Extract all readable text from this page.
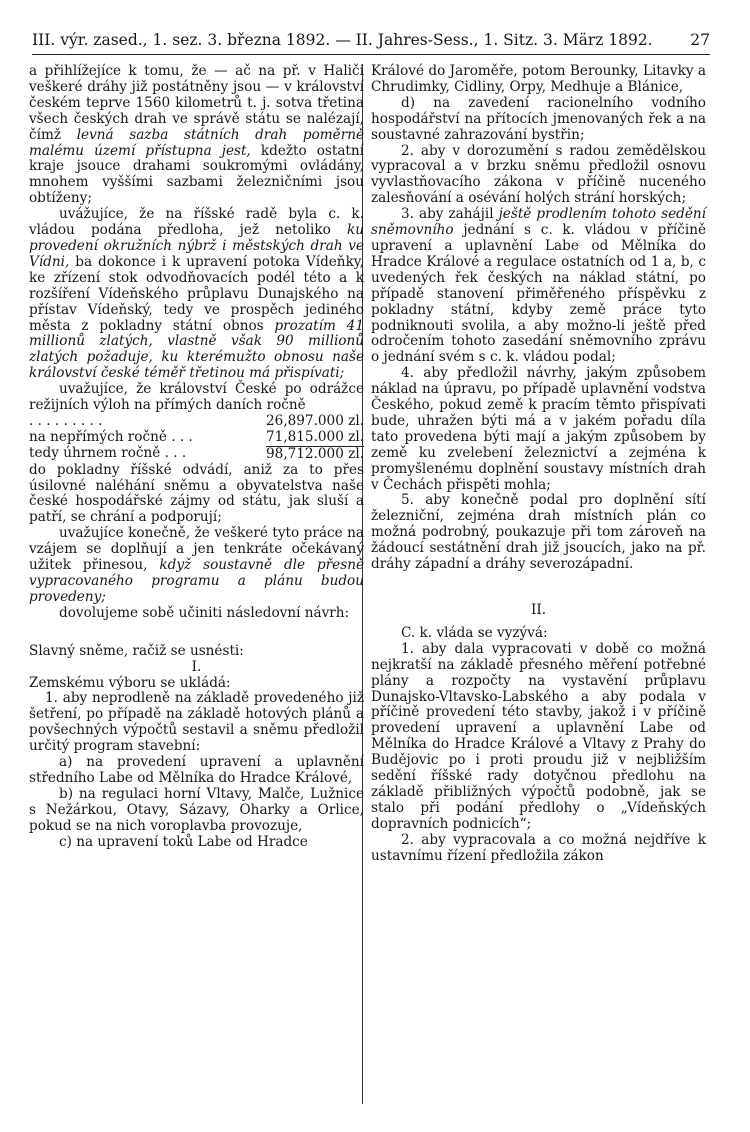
III. výr. zased., 1. sez. 3. března 1892. — II. Jahres-Sess., 1. Sitz. 3. März 1892. 27

a přihlížejíce k tomu, že — ač na př. v Haliči veškeré dráhy již postátněny jsou — v království českém teprve 1560 kilometrů t. j. sotva třetina všech českých drah ve správě státu se nalézají, čímž levná sazba státních drah poměrně malému území přístupna jest, kdežto ostatní kraje jsouce drahami soukromými ovládány, mnohem vyššími sazbami železničními jsou obtíženy;

uvážujíce, že na říšské radě byla c. k. vládou podána předloha, jež netoliko ku provedení okružních nýbrž i městských drah ve Vídni, ba dokonce i k upravení potoka Vídeňky, ke zřízení stok odvodňovacích podél této a k rozšíření Vídeňského průplavu Dunajského na přístav Vídeňský, tedy ve prospěch jediného města z pokladny státní obnos prozatím 41 millionů zlatých, vlastně však 90 millionů zlatých požaduje, ku kterémužto obnosu naše království české téměř třetinou má přispívati;

uvažujíce, že království České po odrážce režijních výloh na přímých daních ročně

. . . . . . . . .	26,897.000 zl.
na nepřímých ročně . . .	71,815.000 zl.
tedy úhrnem ročně . . .	98,712.000 zl.

do pokladny říšské odvádí, aniž za to přes úsilovné naléhání sněmu a obyvatelstva naše české hospodářské zájmy od státu, jak sluší a patří, se chrání a podporují;

uvažujíce konečně, že veškeré tyto práce na vzájem se doplňují a jen tenkráte očekávaný užitek přinesou, když soustavně dle přesně vypracovaného programu a plánu budou provedeny;

dovolujeme sobě učiniti následovní návrh:

Slavný sněme, račiž se usnésti:

I.

Zemskému výboru se ukládá:

1. aby neprodleně na základě provedeného již šetření, po případě na základě hotových plánů a povšechných výpočtů sestavil a sněmu předložil určitý program stavební:

a) na provedení upravení a uplavnění středního Labe od Mělníka do Hradce Králové,

b) na regulaci horní Vltavy, Malče, Lužnice s Nežárkou, Otavy, Sázavy, Oharky a Orlice, pokud se na nich voroplavba provozuje,

c) na upravení toků Labe od Hradce

Králové do Jaroměře, potom Berounky, Litavky a Chrudimky, Cidliny, Orpy, Medhuje a Blánice,

d) na zavedení racionelního vodního hospodářství na přítocích jmenovaných řek a na soustavné zahrazování bystřin;

2. aby v dorozumění s radou zemědělskou vypracoval a v brzku sněmu předložil osnovu vyvlastňovacího zákona v příčině nuceného zalesňování a osévání holých strání horských;

3. aby zahájil ještě prodlením tohoto sedění sněmovního jednání s c. k. vládou v příčině upravení a uplavnění Labe od Mělníka do Hradce Králové a regulace ostatních od 1 a, b, c uvedených řek českých na náklad státní, po případě stanovení přiměřeného příspěvku z pokladny státní, kdyby země práce tyto podniknouti svolila, a aby možno-li ještě před odročením tohoto zasedání sněmovního zprávu o jednání svém s c. k. vládou podal;

4. aby předložil návrhy, jakým způsobem náklad na úpravu, po případě uplavnění vodstva Českého, pokud země k pracím těmto přispívati bude, uhražen býti má a v jakém pořadu díla tato provedena býti mají a jakým způsobem by země ku zvelebení železnictví a zejména k promyšlenému doplnění soustavy místních drah v Čechách přispěti mohla;

5. aby konečně podal pro doplnění sítí železniční, zejména drah místních plán co možná podrobný, poukazuje při tom zároveň na žádoucí sestátnění drah již jsoucích, jako na př. dráhy západní a dráhy severozápadní.

II.

C. k. vláda se vyzývá:

1. aby dala vypracovati v době co možná nejkratší na základě přesného měření potřebné plány a rozpočty na vystavění průplavu Dunajsko-Vltavsko-Labského a aby podala v příčině provedení této stavby, jakož i v příčině provedení upravení a uplavnění Labe od Mělníka do Hradce Králové a Vltavy z Prahy do Budějovic po i proti proudu již v nejbližším sedění říšské rady dotyčnou předlohu na základě přibližných výpočtů podobně, jak se stalo při podání předlohy o „Vídeňských dopravních podnicích“;

2. aby vypracovala a co možná nejdříve k ustavnímu řízení předložila zákon
